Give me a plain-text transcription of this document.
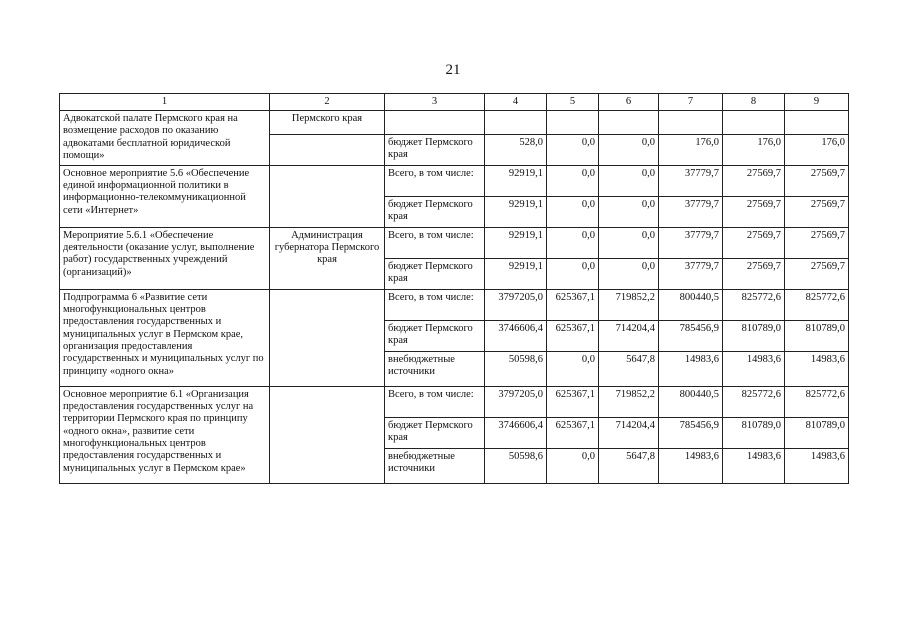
21
1	2	3	4	5	6	7	8	9
Адвокатской палате Пермского края на возмещение расходов по оказанию адвокатами бесплатной юридической помощи»	Пермского края							
		бюджет Пермского края	528,0	0,0	0,0	176,0	176,0	176,0
Основное мероприятие 5.6 «Обеспечение единой информационной политики в информационно-телекоммуникационной сети «Интернет»		Всего, в том числе:	92919,1	0,0	0,0	37779,7	27569,7	27569,7
		бюджет Пермского края	92919,1	0,0	0,0	37779,7	27569,7	27569,7
Мероприятие 5.6.1 «Обеспечение деятельности (оказание услуг, выполнение работ) государственных учреждений (организаций)»	Администрация губернатора Пермского края	Всего, в том числе:	92919,1	0,0	0,0	37779,7	27569,7	27569,7
		бюджет Пермского края	92919,1	0,0	0,0	37779,7	27569,7	27569,7
Подпрограмма 6 «Развитие сети многофункциональных центров предоставления государственных и муниципальных услуг в Пермском крае, организация предоставления государственных и муниципальных услуг по принципу «одного окна»		Всего, в том числе:	3797205,0	625367,1	719852,2	800440,5	825772,6	825772,6
		бюджет Пермского края	3746606,4	625367,1	714204,4	785456,9	810789,0	810789,0
		внебюджетные источники	50598,6	0,0	5647,8	14983,6	14983,6	14983,6
Основное мероприятие 6.1 «Организация предоставления государственных услуг на территории Пермского края по принципу «одного окна», развитие сети многофункциональных центров предоставления государственных и муниципальных услуг в Пермском крае»		Всего, в том числе:	3797205,0	625367,1	719852,2	800440,5	825772,6	825772,6
		бюджет Пермского края	3746606,4	625367,1	714204,4	785456,9	810789,0	810789,0
		внебюджетные источники	50598,6	0,0	5647,8	14983,6	14983,6	14983,6
